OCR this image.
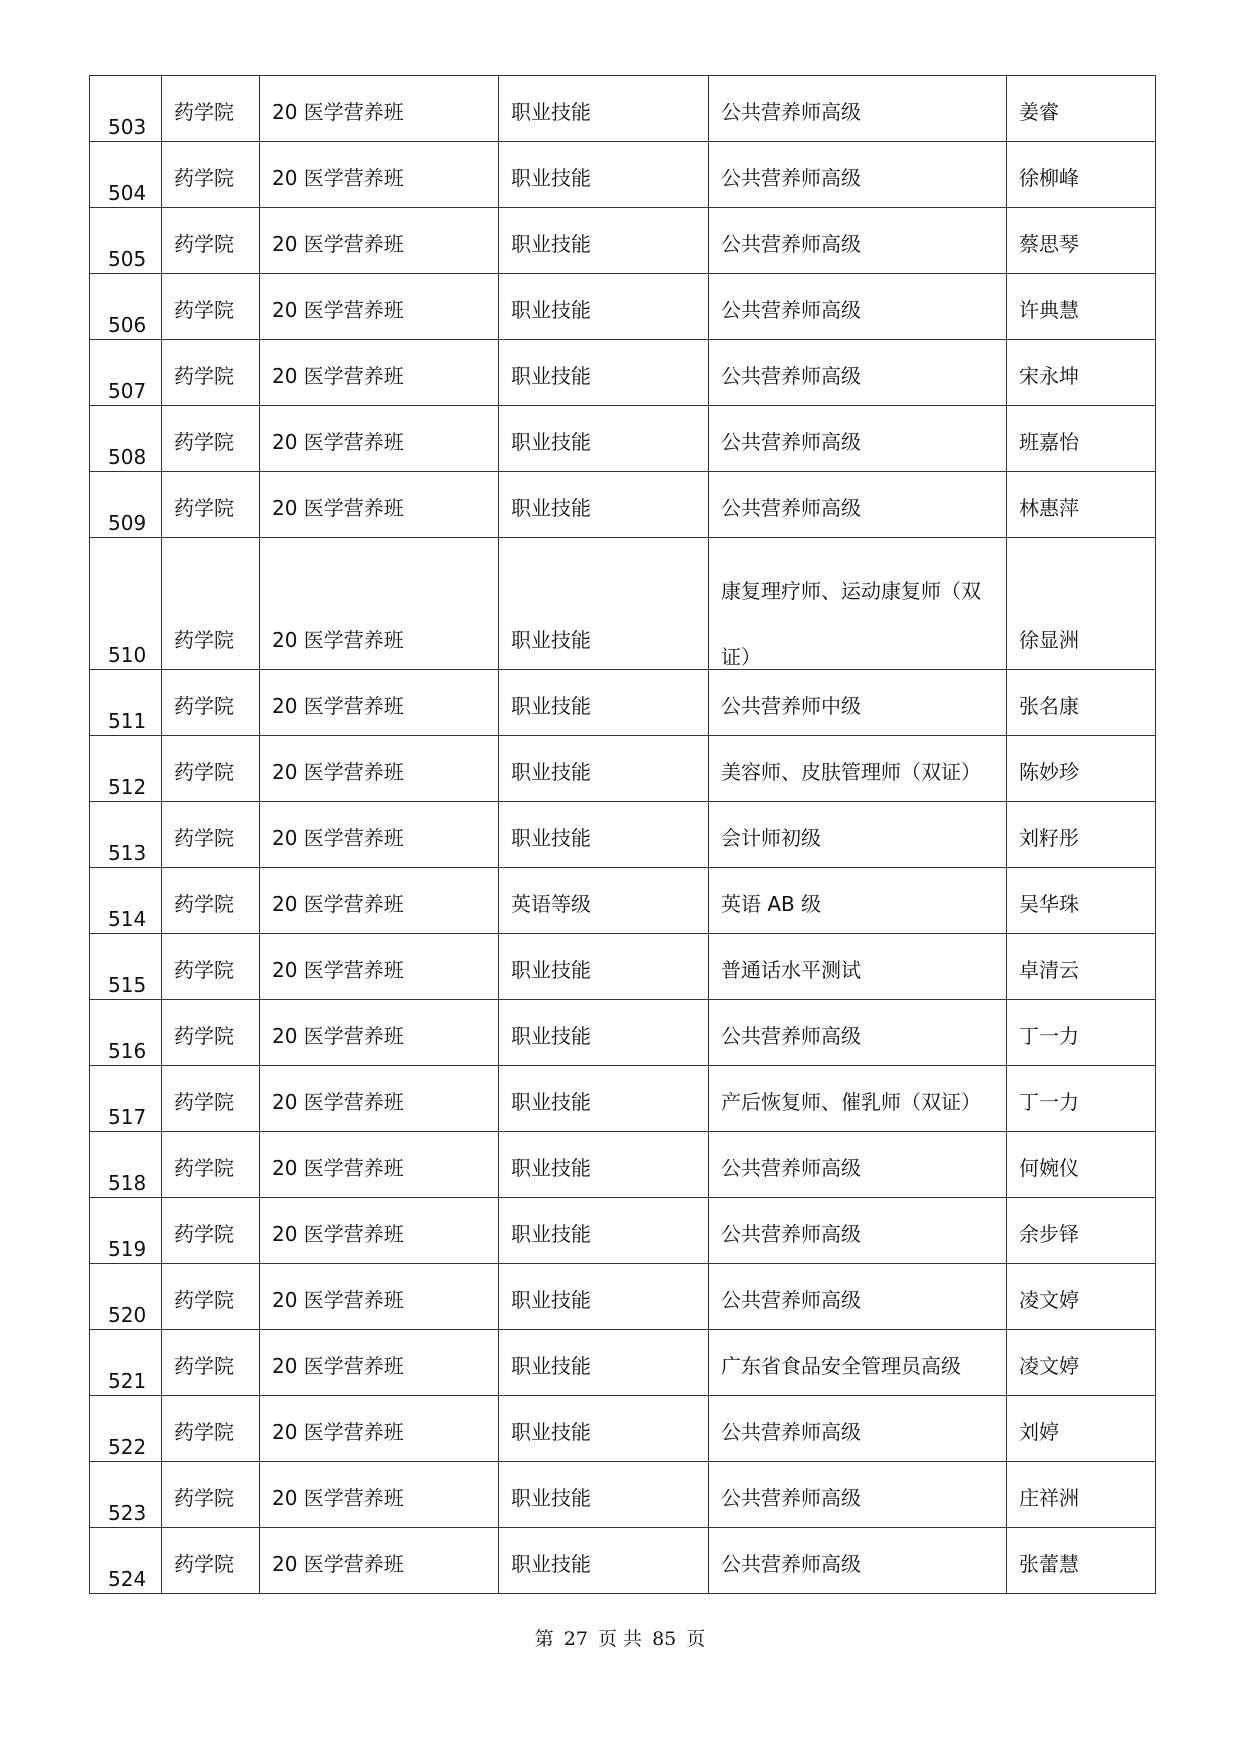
503	药学院	20 医学营养班	职业技能	公共营养师高级	姜睿

504	药学院	20 医学营养班	职业技能	公共营养师高级	徐柳峰

505	药学院	20 医学营养班	职业技能	公共营养师高级	蔡思琴

506	药学院	20 医学营养班	职业技能	公共营养师高级	许典慧

507	药学院	20 医学营养班	职业技能	公共营养师高级	宋永坤

508	药学院	20 医学营养班	职业技能	公共营养师高级	班嘉怡

509	药学院	20 医学营养班	职业技能	公共营养师高级	林惠萍

510	药学院	20 医学营养班	职业技能	康复理疗师、运动康复师（双证）	徐显洲

511	药学院	20 医学营养班	职业技能	公共营养师中级	张名康

512	药学院	20 医学营养班	职业技能	美容师、皮肤管理师（双证）	陈妙珍

513	药学院	20 医学营养班	职业技能	会计师初级	刘籽彤

514	药学院	20 医学营养班	英语等级	英语 AB 级	吴华珠

515	药学院	20 医学营养班	职业技能	普通话水平测试	卓清云

516	药学院	20 医学营养班	职业技能	公共营养师高级	丁一力

517	药学院	20 医学营养班	职业技能	产后恢复师、催乳师（双证）	丁一力

518	药学院	20 医学营养班	职业技能	公共营养师高级	何婉仪

519	药学院	20 医学营养班	职业技能	公共营养师高级	余步铎

520	药学院	20 医学营养班	职业技能	公共营养师高级	凌文婷

521	药学院	20 医学营养班	职业技能	广东省食品安全管理员高级	凌文婷

522	药学院	20 医学营养班	职业技能	公共营养师高级	刘婷

523	药学院	20 医学营养班	职业技能	公共营养师高级	庄祥洲

524	药学院	20 医学营养班	职业技能	公共营养师高级	张蕾慧
第 27 页 共 85 页
